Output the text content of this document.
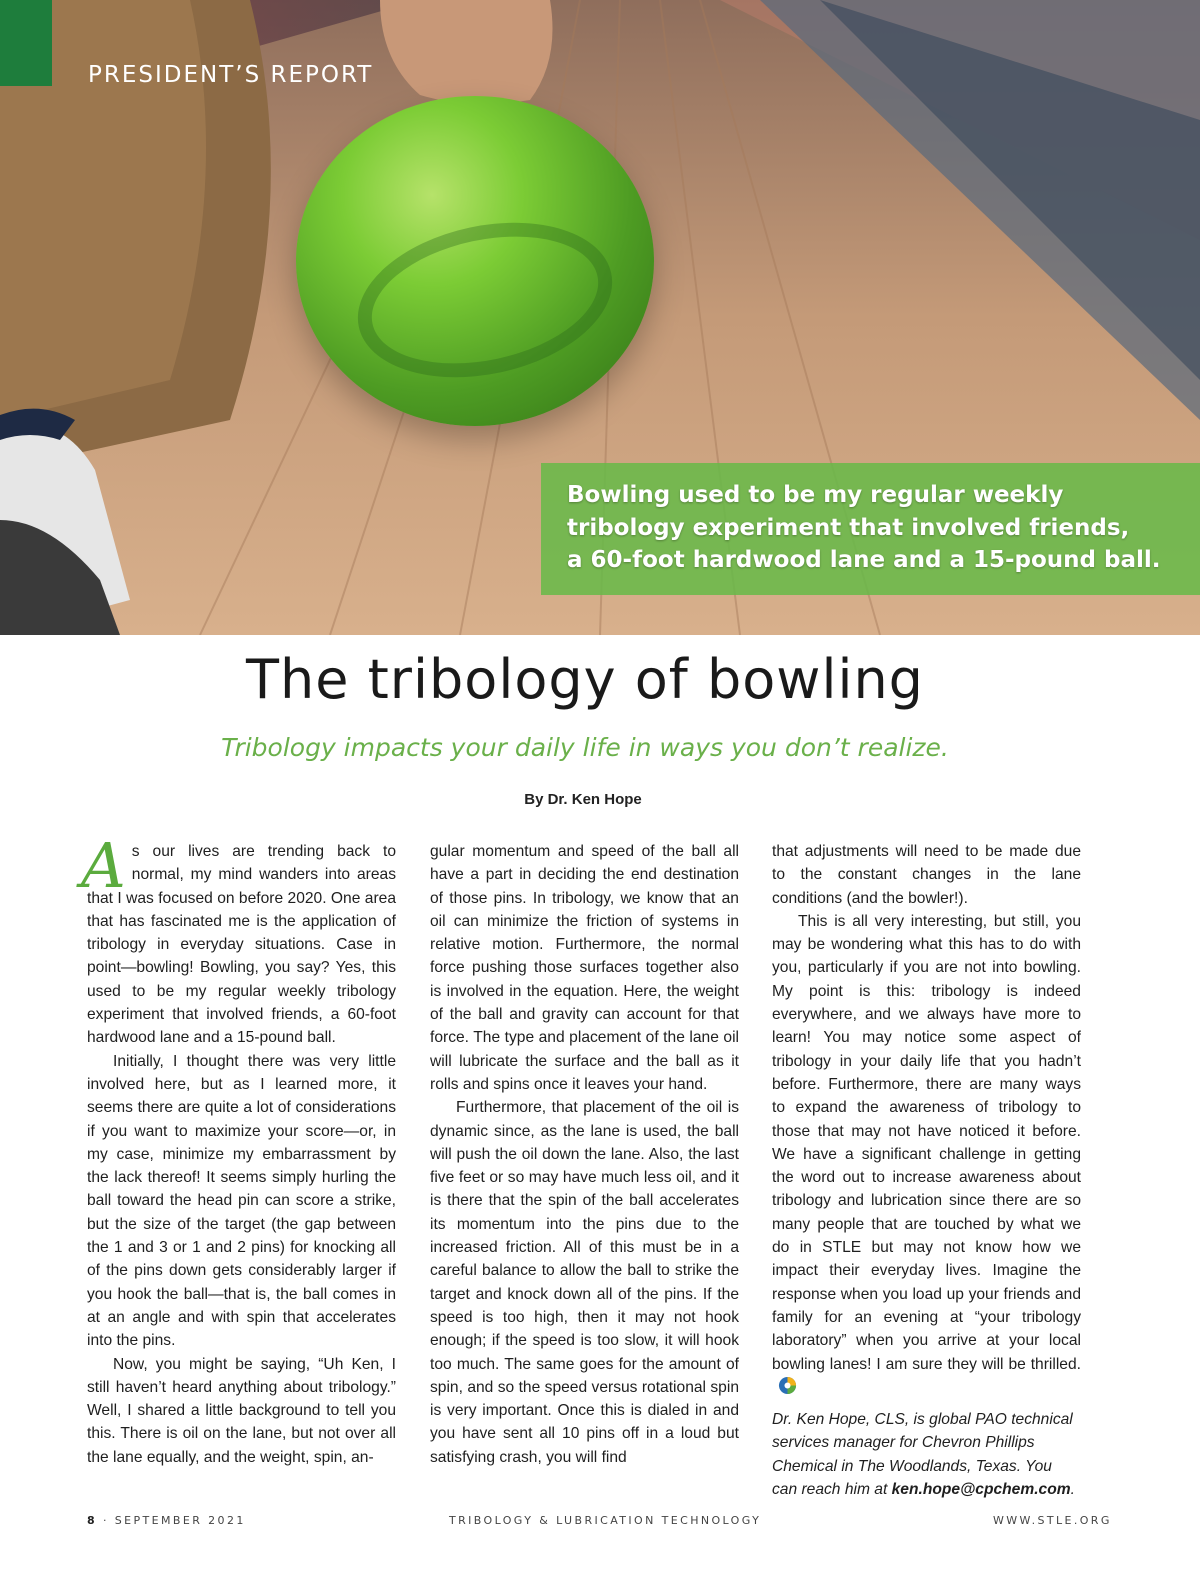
PRESIDENT’S REPORT
Bowling used to be my regular weekly
tribology experiment that involved friends,
a 60-foot hardwood lane and a 15-pound ball.
The tribology of bowling
Tribology impacts your daily life in ways you don’t realize.
By Dr. Ken Hope

As our lives are trending back to normal, my mind wanders into areas that I was focused on before 2020. One area that has fascinated me is the application of tribology in everyday situations. Case in point—bowling! Bowling, you say? Yes, this used to be my regular weekly tribology experiment that involved friends, a 60-foot hardwood lane and a 15-pound ball.

Initially, I thought there was very little involved here, but as I learned more, it seems there are quite a lot of considerations if you want to maximize your score—or, in my case, minimize my embarrassment by the lack thereof! It seems simply hurling the ball toward the head pin can score a strike, but the size of the target (the gap between the 1 and 3 or 1 and 2 pins) for knocking all of the pins down gets considerably larger if you hook the ball—that is, the ball comes in at an angle and with spin that accelerates into the pins.

Now, you might be saying, “Uh Ken, I still haven’t heard anything about tribology.” Well, I shared a little background to tell you this. There is oil on the lane, but not over all the lane equally, and the weight, spin, an-

gular momentum and speed of the ball all have a part in deciding the end destination of those pins. In tribology, we know that an oil can minimize the friction of systems in relative motion. Furthermore, the normal force pushing those surfaces together also is involved in the equation. Here, the weight of the ball and gravity can account for that force. The type and placement of the lane oil will lubricate the surface and the ball as it rolls and spins once it leaves your hand.

Furthermore, that placement of the oil is dynamic since, as the lane is used, the ball will push the oil down the lane. Also, the last five feet or so may have much less oil, and it is there that the spin of the ball accelerates its momentum into the pins due to the increased friction. All of this must be in a careful balance to allow the ball to strike the target and knock down all of the pins. If the speed is too high, then it may not hook enough; if the speed is too slow, it will hook too much. The same goes for the amount of spin, and so the speed versus rotational spin is very important. Once this is dialed in and you have sent all 10 pins off in a loud but satisfying crash, you will find

that adjustments will need to be made due to the constant changes in the lane conditions (and the bowler!).

This is all very interesting, but still, you may be wondering what this has to do with you, particularly if you are not into bowling. My point is this: tribology is indeed everywhere, and we always have more to learn! You may notice some aspect of tribology in your daily life that you hadn’t before. Furthermore, there are many ways to expand the awareness of tribology to those that may not have noticed it before. We have a significant challenge in getting the word out to increase awareness about tribology and lubrication since there are so many people that are touched by what we do in STLE but may not know how we impact their everyday lives. Imagine the response when you load up your friends and family for an evening at “your tribology laboratory” when you arrive at your local bowling lanes! I am sure they will be thrilled.

Dr. Ken Hope, CLS, is global PAO technical services manager for Chevron Phillips Chemical in The Woodlands, Texas. You can reach him at ken.hope@cpchem.com.

8 · SEPTEMBER 2021	TRIBOLOGY & LUBRICATION TECHNOLOGY	WWW.STLE.ORG
